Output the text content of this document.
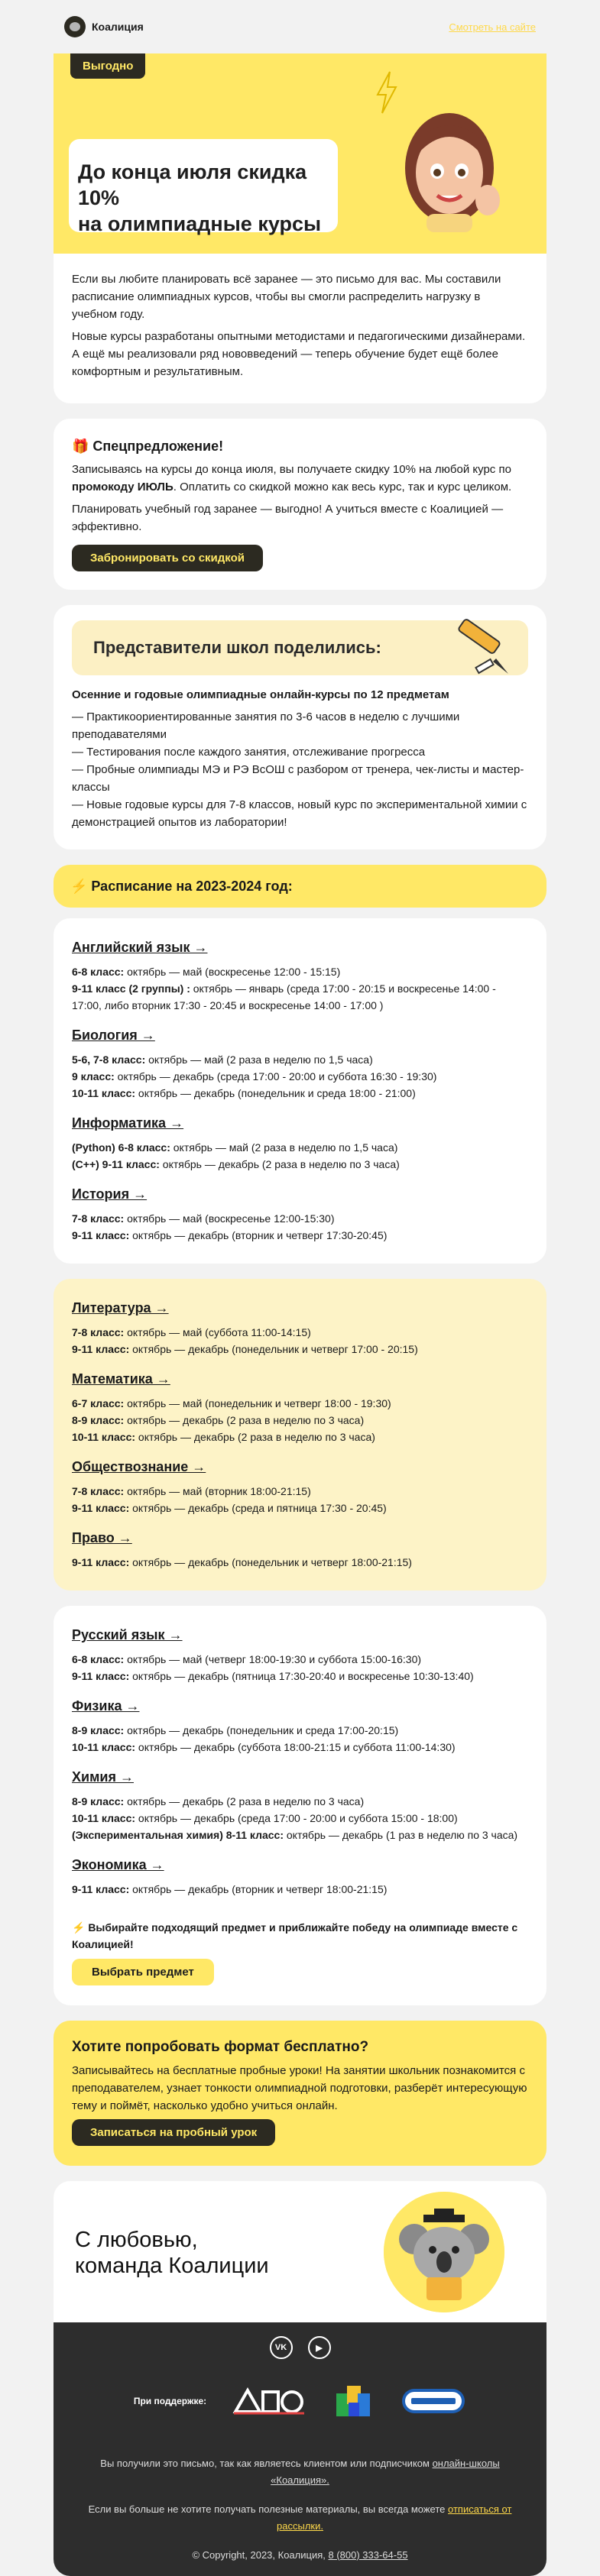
Коалиция	Смотреть на сайте
Выгодно
До конца июля скидка 10%
на олимпиадные курсы

Если вы любите планировать всё заранее — это письмо для вас. Мы составили расписание олимпиадных курсов, чтобы вы смогли распределить нагрузку в учебном году.

Новые курсы разработаны опытными методистами и педагогическими дизайнерами. А ещё мы реализовали ряд нововведений — теперь обучение будет ещё более комфортным и результативным.

🎁 Спецпредложение!

Записываясь на курсы до конца июля, вы получаете скидку 10% на любой курс по промокоду ИЮЛЬ. Оплатить со скидкой можно как весь курс, так и курс целиком.

Планировать учебный год заранее — выгодно! А учиться вместе с Коалицией — эффективно.

Забронировать со скидкой
Представители школ поделились:

Осенние и годовые олимпиадные онлайн-курсы по 12 предметам

— Практикоориентированные занятия по 3-6 часов в неделю с лучшими преподавателями

— Тестирования после каждого занятия, отслеживание прогресса

— Пробные олимпиады МЭ и РЭ ВсОШ с разбором от тренера, чек-листы и мастер-классы

— Новые годовые курсы для 7-8 классов, новый курс по экспериментальной химии с демонстрацией опытов из лаборатории!

⚡ Расписание на 2023-2024 год:
Английский язык →
6-8 класс: октябрь — май (воскресенье 12:00 - 15:15)
9-11 класс (2 группы) : октябрь — январь (среда 17:00 - 20:15 и воскресенье 14:00 - 17:00, либо вторник 17:30 - 20:45 и воскресенье 14:00 - 17:00 )
Биология →
5-6, 7-8 класс: октябрь — май (2 раза в неделю по 1,5 часа)
9 класс: октябрь — декабрь (среда 17:00 - 20:00 и суббота 16:30 - 19:30)
10-11 класс: октябрь — декабрь (понедельник и среда 18:00 - 21:00)
Информатика →
(Python) 6-8 класс: октябрь — май (2 раза в неделю по 1,5 часа)
(С++) 9-11 класс: октябрь — декабрь (2 раза в неделю по 3 часа)
История →
7-8 класс: октябрь — май (воскресенье 12:00-15:30)
9-11 класс: октябрь — декабрь (вторник и четверг 17:30-20:45)
Литература →
7-8 класс: октябрь — май (суббота 11:00-14:15)
9-11 класс: октябрь — декабрь (понедельник и четверг 17:00 - 20:15)
Математика →
6-7 класс: октябрь — май (понедельник и четверг 18:00 - 19:30)
8-9 класс: октябрь — декабрь (2 раза в неделю по 3 часа)
10-11 класс: октябрь — декабрь (2 раза в неделю по 3 часа)
Обществознание →
7-8 класс: октябрь — май (вторник 18:00-21:15)
9-11 класс: октябрь — декабрь (среда и пятница 17:30 - 20:45)
Право →
9-11 класс: октябрь — декабрь (понедельник и четверг 18:00-21:15)
Русский язык →
6-8 класс: октябрь — май (четверг 18:00-19:30 и суббота 15:00-16:30)
9-11 класс: октябрь — декабрь (пятница 17:30-20:40 и воскресенье 10:30-13:40)
Физика →
8-9 класс: октябрь — декабрь (понедельник и среда 17:00-20:15)
10-11 класс: октябрь — декабрь (суббота 18:00-21:15 и суббота 11:00-14:30)
Химия →
8-9 класс: октябрь — декабрь (2 раза в неделю по 3 часа)
10-11 класс: октябрь — декабрь (среда 17:00 - 20:00 и суббота 15:00 - 18:00)
(Экспериментальная химия) 8-11 класс: октябрь — декабрь (1 раз в неделю по 3 часа)
Экономика →
9-11 класс: октябрь — декабрь (вторник и четверг 18:00-21:15)

⚡ Выбирайте подходящий предмет и приближайте победу на олимпиаде вместе с Коалицией!

Выбрать предмет
Хотите попробовать формат бесплатно?

Записывайтесь на бесплатные пробные уроки! На занятии школьник познакомится с преподавателем, узнает тонкости олимпиадной подготовки, разберёт интересующую тему и поймёт, насколько удобно учиться онлайн.

Записаться на пробный урок
С любовью,
команда Коалиции
VK	▶
При поддержке:

Вы получили это письмо, так как являетесь клиентом или подписчиком онлайн-школы «Коалиция».

Если вы больше не хотите получать полезные материалы, вы всегда можете отписаться от рассылки.

© Copyright, 2023, Коалиция, 8 (800) 333-64-55
